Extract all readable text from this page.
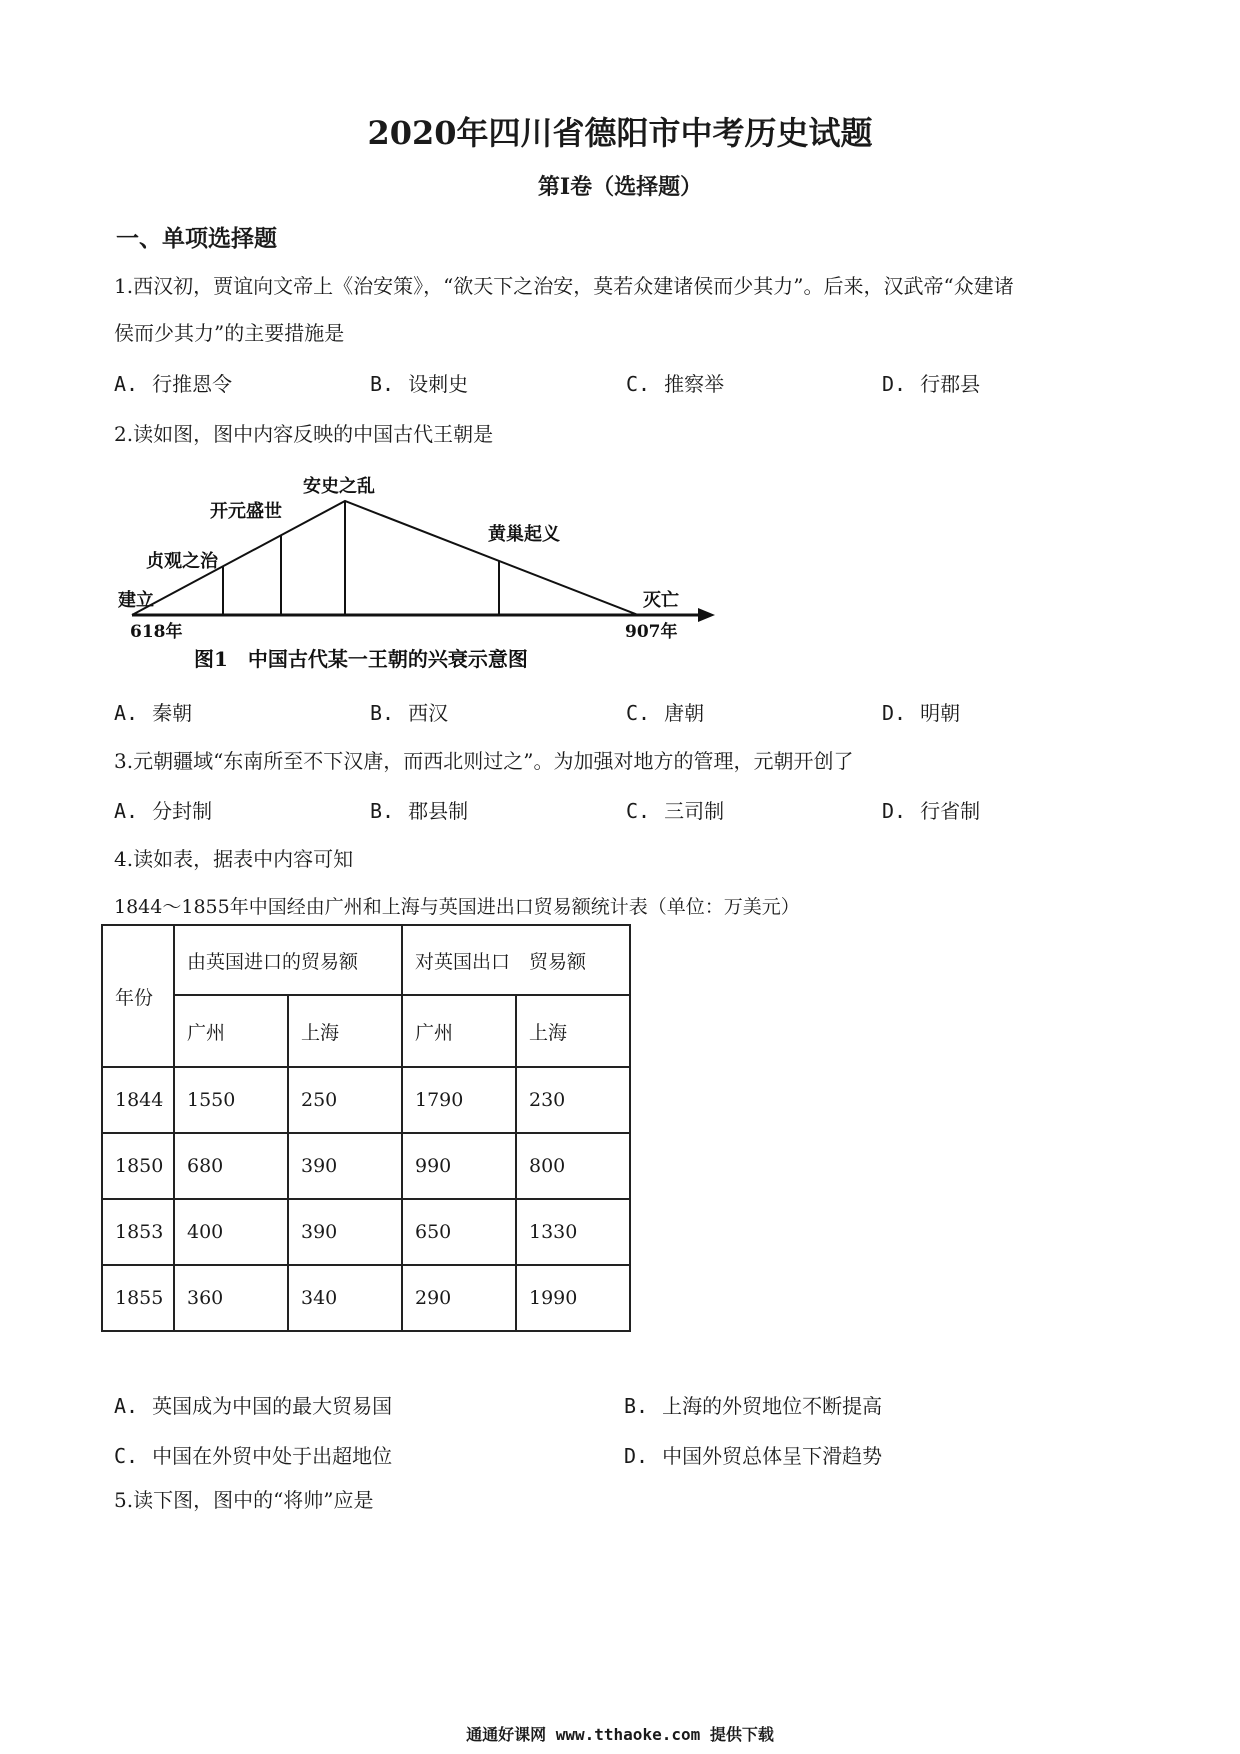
2020年四川省德阳市中考历史试题
第Ⅰ卷（选择题）
一、单项选择题
1.西汉初，贾谊向文帝上《治安策》，“欲天下之治安，莫若众建诸侯而少其力”。后来，汉武帝“众建诸
侯而少其力”的主要措施是
A. 行推恩令	B. 设刺史	C. 推察举	D. 行郡县
2.读如图，图中内容反映的中国古代王朝是
建立
贞观之治
开元盛世
安史之乱
黄巢起义
灭亡
618年	907年
图1　中国古代某一王朝的兴衰示意图
A. 秦朝	B. 西汉	C. 唐朝	D. 明朝
3.元朝疆域“东南所至不下汉唐，而西北则过之”。为加强对地方的管理，元朝开创了
A. 分封制	B. 郡县制	C. 三司制	D. 行省制
4.读如表，据表中内容可知
1844～1855年中国经由广州和上海与英国进出口贸易额统计表（单位：万美元）
年份	由英国进口的贸易额		对英国出口　贸易额	
	广州	上海	广州	上海
1844	1550	250	1790	230
1850	680	390	990	800
1853	400	390	650	1330
1855	360	340	290	1990
A. 英国成为中国的最大贸易国	B. 上海的外贸地位不断提高
C. 中国在外贸中处于出超地位	D. 中国外贸总体呈下滑趋势
5.读下图，图中的“将帅”应是
通通好课网 www.tthaoke.com 提供下载
